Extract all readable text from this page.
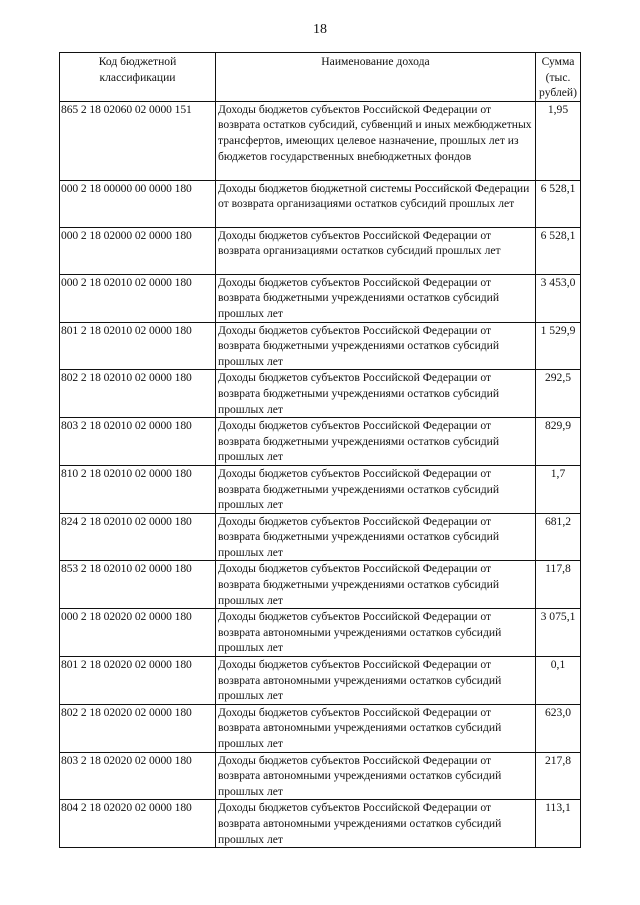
18
Код бюджетной классификации	Наименование дохода	Сумма (тыс. рублей)
865 2 18 02060 02 0000 151	Доходы бюджетов субъектов Российской Федерации от возврата остатков субсидий, субвенций и иных межбюджетных трансфертов, имеющих целевое назначение, прошлых лет из бюджетов государственных внебюджетных фондов	1,95
000 2 18 00000 00 0000 180	Доходы бюджетов бюджетной системы Российской Федерации от возврата организациями остатков субсидий прошлых лет	6 528,1
000 2 18 02000 02 0000 180	Доходы бюджетов субъектов Российской Федерации от возврата организациями остатков субсидий прошлых лет	6 528,1
000 2 18 02010 02 0000 180	Доходы бюджетов субъектов Российской Федерации от возврата бюджетными учреждениями остатков субсидий прошлых лет	3 453,0
801 2 18 02010 02 0000 180	Доходы бюджетов субъектов Российской Федерации от возврата бюджетными учреждениями остатков субсидий прошлых лет	1 529,9
802 2 18 02010 02 0000 180	Доходы бюджетов субъектов Российской Федерации от возврата бюджетными учреждениями остатков субсидий прошлых лет	292,5
803 2 18 02010 02 0000 180	Доходы бюджетов субъектов Российской Федерации от возврата бюджетными учреждениями остатков субсидий прошлых лет	829,9
810 2 18 02010 02 0000 180	Доходы бюджетов субъектов Российской Федерации от возврата бюджетными учреждениями остатков субсидий прошлых лет	1,7
824 2 18 02010 02 0000 180	Доходы бюджетов субъектов Российской Федерации от возврата бюджетными учреждениями остатков субсидий прошлых лет	681,2
853 2 18 02010 02 0000 180	Доходы бюджетов субъектов Российской Федерации от возврата бюджетными учреждениями остатков субсидий прошлых лет	117,8
000 2 18 02020 02 0000 180	Доходы бюджетов субъектов Российской Федерации от возврата автономными учреждениями остатков субсидий прошлых лет	3 075,1
801 2 18 02020 02 0000 180	Доходы бюджетов субъектов Российской Федерации от возврата автономными учреждениями остатков субсидий прошлых лет	0,1
802 2 18 02020 02 0000 180	Доходы бюджетов субъектов Российской Федерации от возврата автономными учреждениями остатков субсидий прошлых лет	623,0
803 2 18 02020 02 0000 180	Доходы бюджетов субъектов Российской Федерации от возврата автономными учреждениями остатков субсидий прошлых лет	217,8
804 2 18 02020 02 0000 180	Доходы бюджетов субъектов Российской Федерации от возврата автономными учреждениями остатков субсидий прошлых лет	113,1
